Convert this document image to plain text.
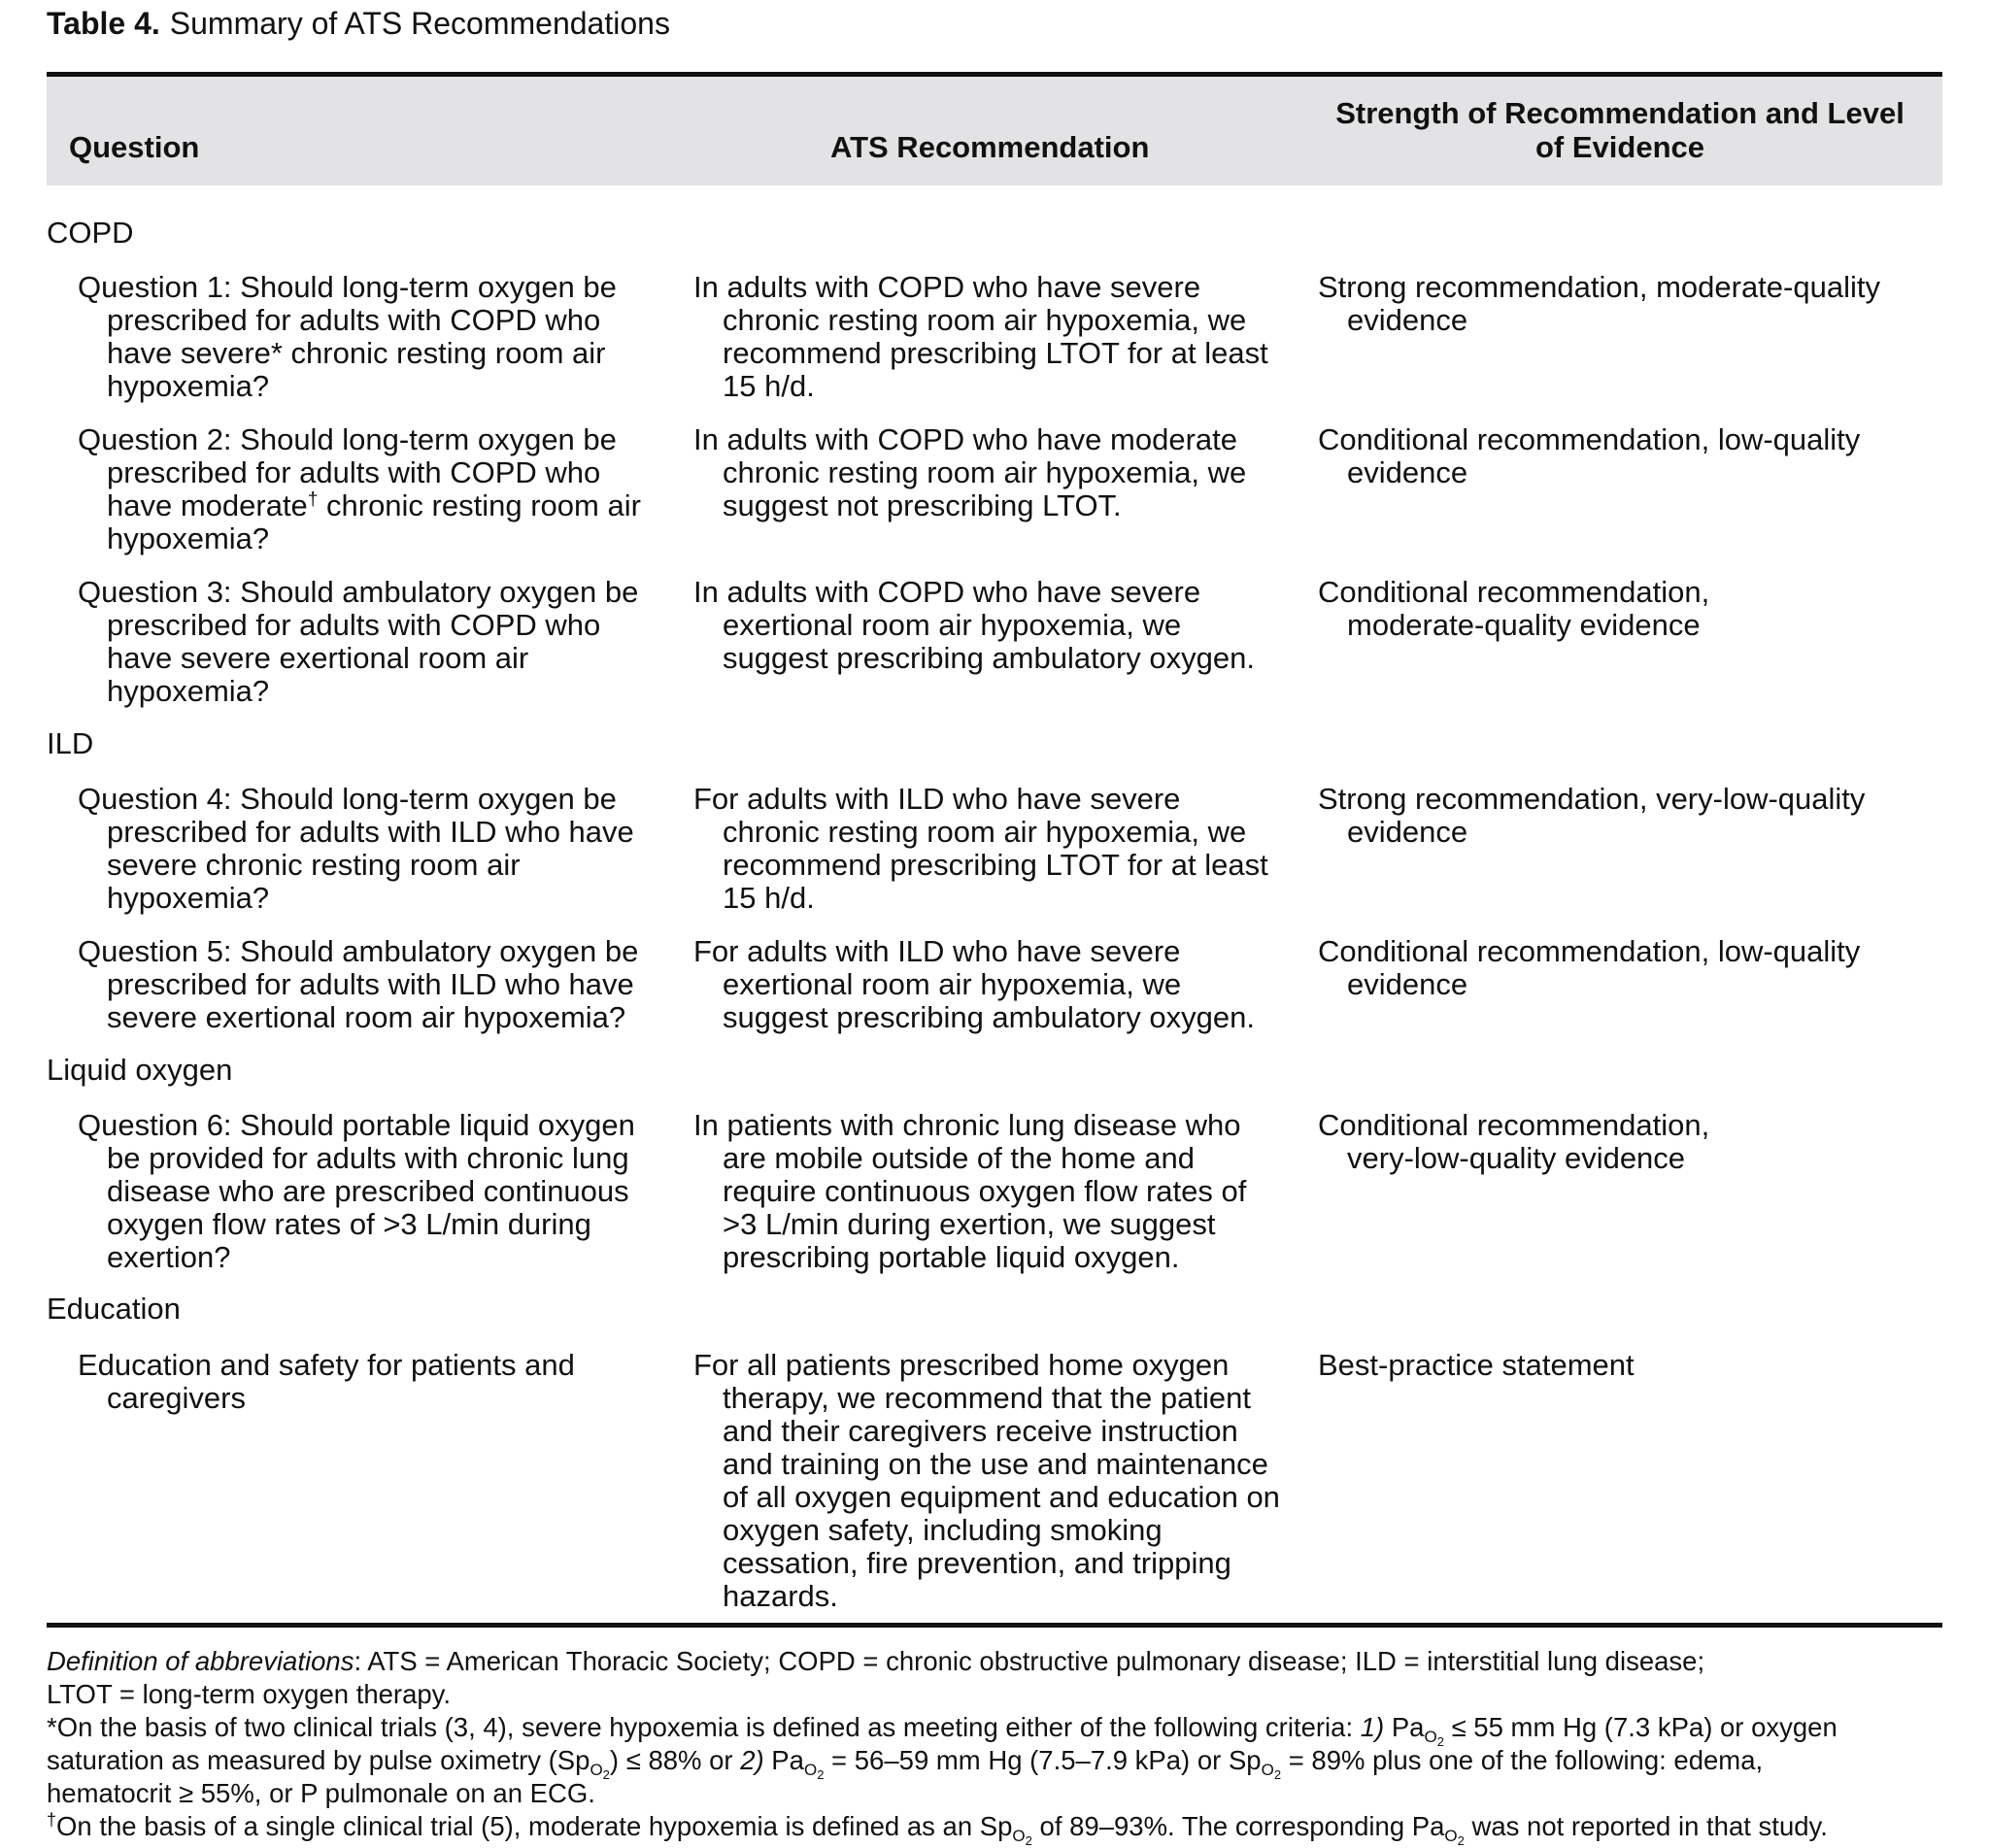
Table 4. Summary of ATS Recommendations
Question	ATS Recommendation
Strength of Recommendation and Level
of Evidence
COPD
Question 1: Should long-term oxygen be
prescribed for adults with COPD who
have severe* chronic resting room air
hypoxemia?
In adults with COPD who have severe
chronic resting room air hypoxemia, we
recommend prescribing LTOT for at least
15 h/d.
Strong recommendation, moderate-quality
evidence
Question 2: Should long-term oxygen be
prescribed for adults with COPD who
have moderate† chronic resting room air
hypoxemia?
In adults with COPD who have moderate
chronic resting room air hypoxemia, we
suggest not prescribing LTOT.
Conditional recommendation, low-quality
evidence
Question 3: Should ambulatory oxygen be
prescribed for adults with COPD who
have severe exertional room air
hypoxemia?
In adults with COPD who have severe
exertional room air hypoxemia, we
suggest prescribing ambulatory oxygen.
Conditional recommendation,
moderate-quality evidence
ILD
Question 4: Should long-term oxygen be
prescribed for adults with ILD who have
severe chronic resting room air
hypoxemia?
For adults with ILD who have severe
chronic resting room air hypoxemia, we
recommend prescribing LTOT for at least
15 h/d.
Strong recommendation, very-low-quality
evidence
Question 5: Should ambulatory oxygen be
prescribed for adults with ILD who have
severe exertional room air hypoxemia?
For adults with ILD who have severe
exertional room air hypoxemia, we
suggest prescribing ambulatory oxygen.
Conditional recommendation, low-quality
evidence
Liquid oxygen
Question 6: Should portable liquid oxygen
be provided for adults with chronic lung
disease who are prescribed continuous
oxygen flow rates of >3 L/min during
exertion?
In patients with chronic lung disease who
are mobile outside of the home and
require continuous oxygen flow rates of
>3 L/min during exertion, we suggest
prescribing portable liquid oxygen.
Conditional recommendation,
very-low-quality evidence
Education
Education and safety for patients and
caregivers
For all patients prescribed home oxygen
therapy, we recommend that the patient
and their caregivers receive instruction
and training on the use and maintenance
of all oxygen equipment and education on
oxygen safety, including smoking
cessation, fire prevention, and tripping
hazards.
Best-practice statement
Definition of abbreviations: ATS = American Thoracic Society; COPD = chronic obstructive pulmonary disease; ILD = interstitial lung disease;
LTOT = long-term oxygen therapy.
*On the basis of two clinical trials (3, 4), severe hypoxemia is defined as meeting either of the following criteria: 1) $Pa_{O_2} \le 55$ mm Hg (7.3 kPa) or oxygen
saturation as measured by pulse oximetry $(Sp_{O_2}) \le 88\%$ or 2) $Pa_{O_2} = 56-59$ mm Hg (7.5–7.9 kPa) or $Sp_{O_2} = 89\%$ plus one of the following: edema,
hematocrit ≥ 55%, or P pulmonale on an ECG.
†On the basis of a single clinical trial (5), moderate hypoxemia is defined as an $Sp_{O_2}$ of 89–93%. The corresponding $Pa_{O_2}$ was not reported in that study.
